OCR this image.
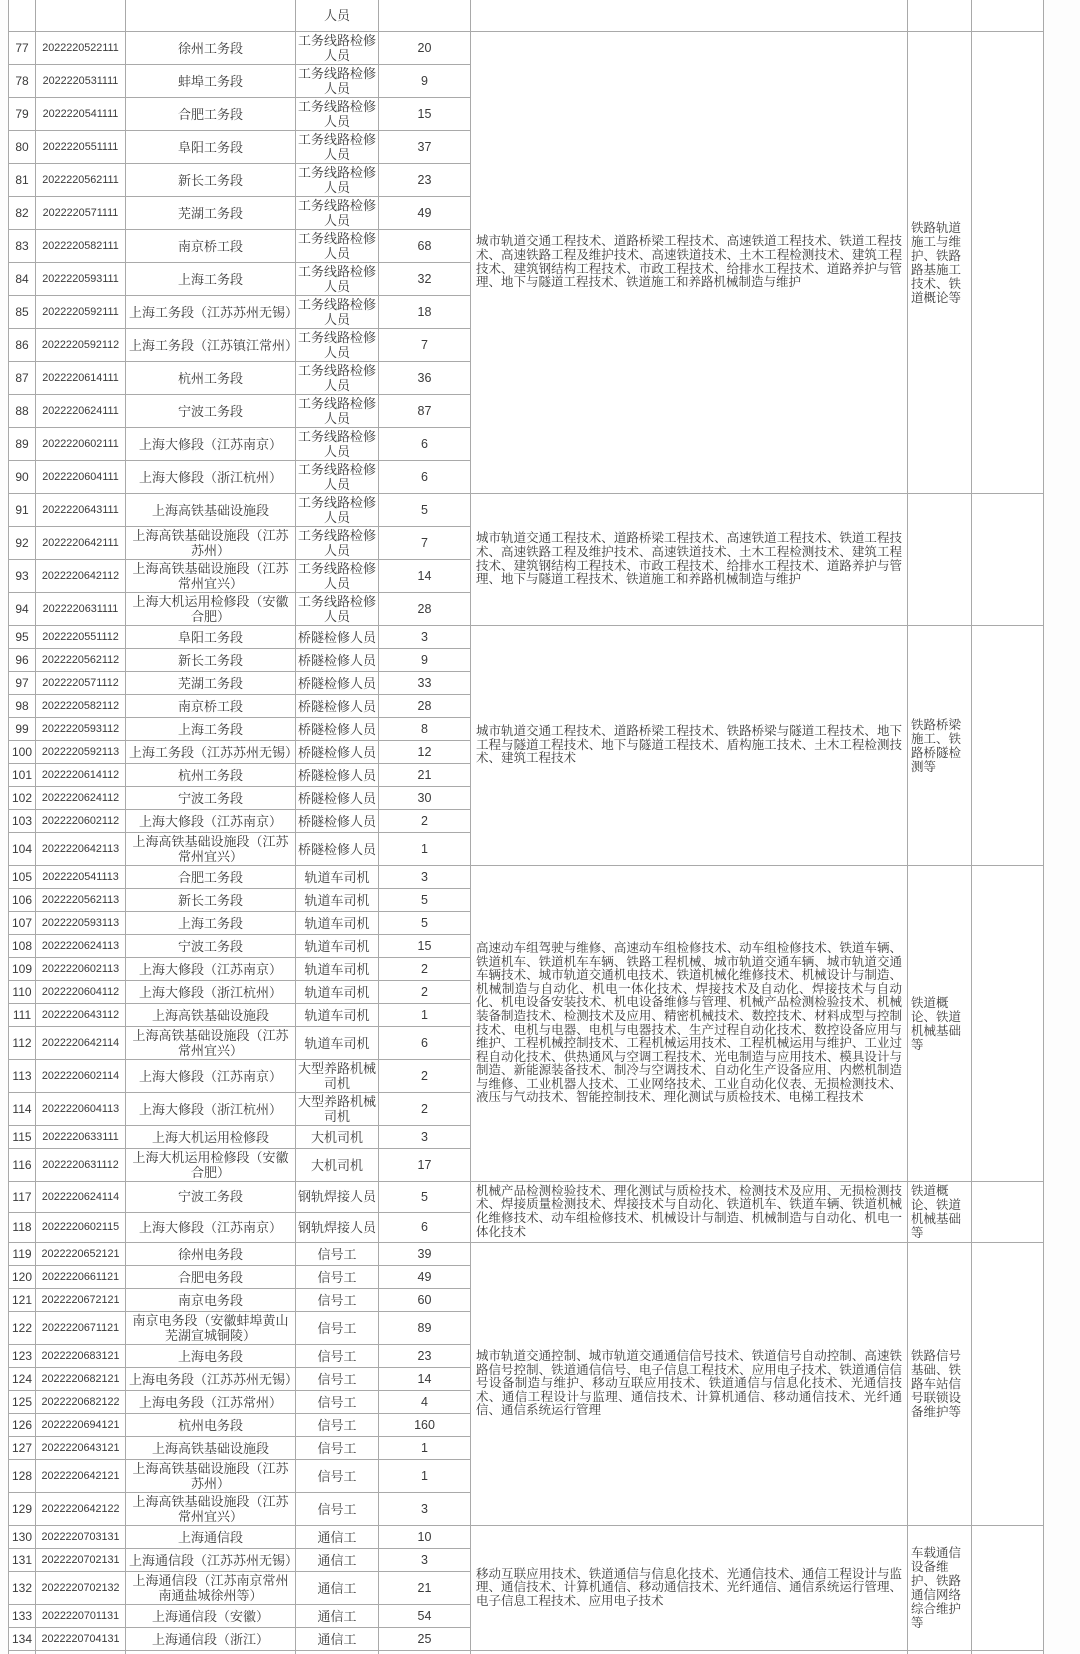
			人员				
77	2022220522111	徐州工务段	工务线路检修人员	20	城市轨道交通工程技术、道路桥梁工程技术、高速铁道工程技术、铁道工程技术、高速铁路工程及维护技术、高速铁道技术、土木工程检测技术、建筑工程技术、建筑钢结构工程技术、市政工程技术、给排水工程技术、道路养护与管理、地下与隧道工程技术、铁道施工和养路机械制造与维护	铁路轨道施工与维护、铁路路基施工技术、铁道概论等	
78	2022220531111	蚌埠工务段	工务线路检修人员	9			
79	2022220541111	合肥工务段	工务线路检修人员	15			
80	2022220551111	阜阳工务段	工务线路检修人员	37			
81	2022220562111	新长工务段	工务线路检修人员	23			
82	2022220571111	芜湖工务段	工务线路检修人员	49			
83	2022220582111	南京桥工段	工务线路检修人员	68			
84	2022220593111	上海工务段	工务线路检修人员	32			
85	2022220592111	上海工务段（江苏苏州无锡）	工务线路检修人员	18			
86	2022220592112	上海工务段（江苏镇江常州）	工务线路检修人员	7			
87	2022220614111	杭州工务段	工务线路检修人员	36			
88	2022220624111	宁波工务段	工务线路检修人员	87			
89	2022220602111	上海大修段（江苏南京）	工务线路检修人员	6			
90	2022220604111	上海大修段（浙江杭州）	工务线路检修人员	6			
91	2022220643111	上海高铁基础设施段	工务线路检修人员	5	城市轨道交通工程技术、道路桥梁工程技术、高速铁道工程技术、铁道工程技术、高速铁路工程及维护技术、高速铁道技术、土木工程检测技术、建筑工程技术、建筑钢结构工程技术、市政工程技术、给排水工程技术、道路养护与管理、地下与隧道工程技术、铁道施工和养路机械制造与维护		
92	2022220642111	上海高铁基础设施段（江苏苏州）	工务线路检修人员	7			
93	2022220642112	上海高铁基础设施段（江苏常州宜兴）	工务线路检修人员	14			
94	2022220631111	上海大机运用检修段（安徽合肥）	工务线路检修人员	28			
95	2022220551112	阜阳工务段	桥隧检修人员	3	城市轨道交通工程技术、道路桥梁工程技术、铁路桥梁与隧道工程技术、地下工程与隧道工程技术、地下与隧道工程技术、盾构施工技术、土木工程检测技术、建筑工程技术	铁路桥梁施工、铁路桥隧检测等	
96	2022220562112	新长工务段	桥隧检修人员	9			
97	2022220571112	芜湖工务段	桥隧检修人员	33			
98	2022220582112	南京桥工段	桥隧检修人员	28			
99	2022220593112	上海工务段	桥隧检修人员	8			
100	2022220592113	上海工务段（江苏苏州无锡）	桥隧检修人员	12			
101	2022220614112	杭州工务段	桥隧检修人员	21			
102	2022220624112	宁波工务段	桥隧检修人员	30			
103	2022220602112	上海大修段（江苏南京）	桥隧检修人员	2			
104	2022220642113	上海高铁基础设施段（江苏常州宜兴）	桥隧检修人员	1			
105	2022220541113	合肥工务段	轨道车司机	3	高速动车组驾驶与维修、高速动车组检修技术、动车组检修技术、铁道车辆、铁道机车、铁道机车车辆、铁路工程机械、城市轨道交通车辆、城市轨道交通车辆技术、城市轨道交通机电技术、铁道机械化维修技术、机械设计与制造、机械制造与自动化、机电一体化技术、焊接技术及自动化、焊接技术与自动化、机电设备安装技术、机电设备维修与管理、机械产品检测检验技术、机械装备制造技术、检测技术及应用、精密机械技术、数控技术、材料成型与控制技术、电机与电器、电机与电器技术、生产过程自动化技术、数控设备应用与维护、工程机械控制技术、工程机械运用技术、工程机械运用与维护、工业过程自动化技术、供热通风与空调工程技术、光电制造与应用技术、模具设计与制造、新能源装备技术、制冷与空调技术、自动化生产设备应用、内燃机制造与维修、工业机器人技术、工业网络技术、工业自动化仪表、无损检测技术、液压与气动技术、智能控制技术、理化测试与质检技术、电梯工程技术	铁道概论、铁道机械基础等	
106	2022220562113	新长工务段	轨道车司机	5			
107	2022220593113	上海工务段	轨道车司机	5			
108	2022220624113	宁波工务段	轨道车司机	15			
109	2022220602113	上海大修段（江苏南京）	轨道车司机	2			
110	2022220604112	上海大修段（浙江杭州）	轨道车司机	2			
111	2022220643112	上海高铁基础设施段	轨道车司机	1			
112	2022220642114	上海高铁基础设施段（江苏常州宜兴）	轨道车司机	6			
113	2022220602114	上海大修段（江苏南京）	大型养路机械司机	2			
114	2022220604113	上海大修段（浙江杭州）	大型养路机械司机	2			
115	2022220633111	上海大机运用检修段	大机司机	3			
116	2022220631112	上海大机运用检修段（安徽合肥）	大机司机	17			
117	2022220624114	宁波工务段	钢轨焊接人员	5	机械产品检测检验技术、理化测试与质检技术、检测技术及应用、无损检测技术、焊接质量检测技术、焊接技术与自动化、铁道机车、铁道车辆、铁道机械化维修技术、动车组检修技术、机械设计与制造、机械制造与自动化、机电一体化技术	铁道概论、铁道机械基础等	
118	2022220602115	上海大修段（江苏南京）	钢轨焊接人员	6			
119	2022220652121	徐州电务段	信号工	39	城市轨道交通控制、城市轨道交通通信信号技术、铁道信号自动控制、高速铁路信号控制、铁道通信信号、电子信息工程技术、应用电子技术、铁道通信信号设备制造与维护、移动互联应用技术、铁道通信与信息化技术、光通信技术、通信工程设计与监理、通信技术、计算机通信、移动通信技术、光纤通信、通信系统运行管理	铁路信号基础、铁路车站信号联锁设备维护等	
120	2022220661121	合肥电务段	信号工	49			
121	2022220672121	南京电务段	信号工	60			
122	2022220671121	南京电务段（安徽蚌埠黄山芜湖宣城铜陵）	信号工	89			
123	2022220683121	上海电务段	信号工	23			
124	2022220682121	上海电务段（江苏苏州无锡）	信号工	14			
125	2022220682122	上海电务段（江苏常州）	信号工	4			
126	2022220694121	杭州电务段	信号工	160			
127	2022220643121	上海高铁基础设施段	信号工	1			
128	2022220642121	上海高铁基础设施段（江苏苏州）	信号工	1			
129	2022220642122	上海高铁基础设施段（江苏常州宜兴）	信号工	3			
130	2022220703131	上海通信段	通信工	10	移动互联应用技术、铁道通信与信息化技术、光通信技术、通信工程设计与监理、通信技术、计算机通信、移动通信技术、光纤通信、通信系统运行管理、电子信息工程技术、应用电子技术	车载通信设备维护、铁路通信网络综合维护等	
131	2022220702131	上海通信段（江苏苏州无锡）	通信工	3			
132	2022220702132	上海通信段（江苏南京常州南通盐城徐州等）	通信工	21			
133	2022220701131	上海通信段（安徽）	通信工	54			
134	2022220704131	上海通信段（浙江）	通信工	25			
